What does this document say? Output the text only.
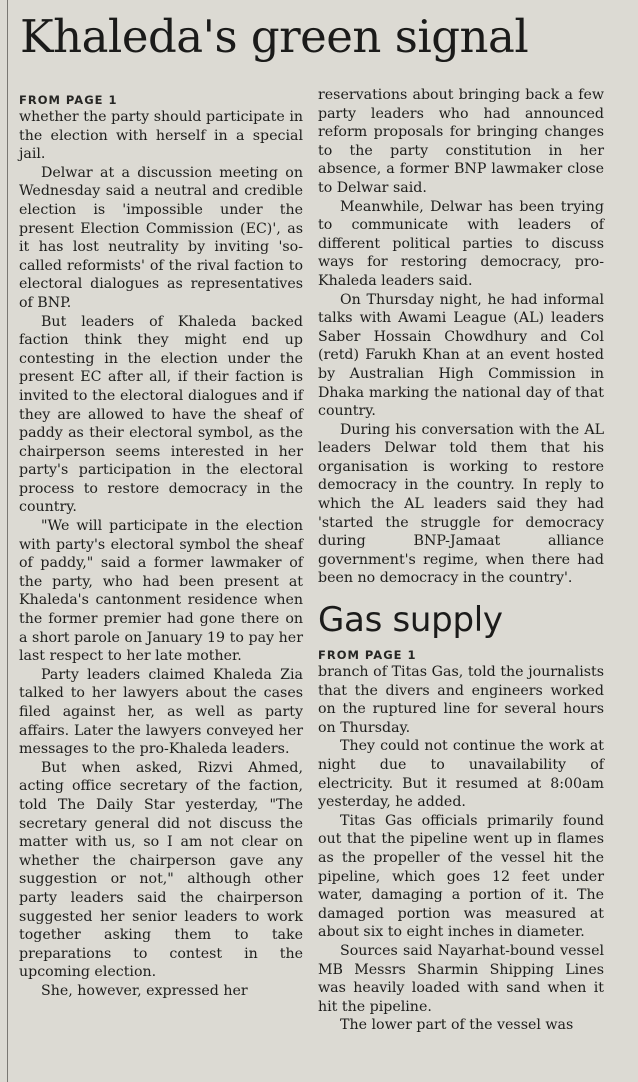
Khaleda's green signal
FROM PAGE 1

whether the party should participate in the election with herself in a special jail.

Delwar at a discussion meeting on Wednesday said a neutral and credible election is 'impossible under the present Election Commission (EC)', as it has lost neutrality by inviting 'so-called reformists' of the rival faction to electoral dialogues as representatives of BNP.

But leaders of Khaleda backed faction think they might end up contesting in the election under the present EC after all, if their faction is invited to the electoral dialogues and if they are allowed to have the sheaf of paddy as their electoral symbol, as the chairperson seems interested in her party's participation in the electoral process to restore democracy in the country.

"We will participate in the election with party's electoral symbol the sheaf of paddy," said a former lawmaker of the party, who had been present at Khaleda's cantonment residence when the former premier had gone there on a short parole on January 19 to pay her last respect to her late mother.

Party leaders claimed Khaleda Zia talked to her lawyers about the cases filed against her, as well as party affairs. Later the lawyers conveyed her messages to the pro-Khaleda leaders.

But when asked, Rizvi Ahmed, acting office secretary of the faction, told The Daily Star yesterday, "The secretary general did not discuss the matter with us, so I am not clear on whether the chairperson gave any suggestion or not," although other party leaders said the chairperson suggested her senior leaders to work together asking them to take preparations to contest in the upcoming election.

She, however, expressed her

reservations about bringing back a few party leaders who had announced reform proposals for bringing changes to the party constitution in her absence, a former BNP lawmaker close to Delwar said.

Meanwhile, Delwar has been trying to communicate with leaders of different political parties to discuss ways for restoring democracy, pro-Khaleda leaders said.

On Thursday night, he had informal talks with Awami League (AL) leaders Saber Hossain Chowdhury and Col (retd) Farukh Khan at an event hosted by Australian High Commission in Dhaka marking the national day of that country.

During his conversation with the AL leaders Delwar told them that his organisation is working to restore democracy in the country. In reply to which the AL leaders said they had 'started the struggle for democracy during BNP-Jamaat alliance government's regime, when there had been no democracy in the country'.

Gas supply
FROM PAGE 1

branch of Titas Gas, told the journalists that the divers and engineers worked on the ruptured line for several hours on Thursday.

They could not continue the work at night due to unavailability of electricity. But it resumed at 8:00am yesterday, he added.

Titas Gas officials primarily found out that the pipeline went up in flames as the propeller of the vessel hit the pipeline, which goes 12 feet under water, damaging a portion of it. The damaged portion was measured at about six to eight inches in diameter.

Sources said Nayarhat-bound vessel MB Messrs Sharmin Shipping Lines was heavily loaded with sand when it hit the pipeline.

The lower part of the vessel was
